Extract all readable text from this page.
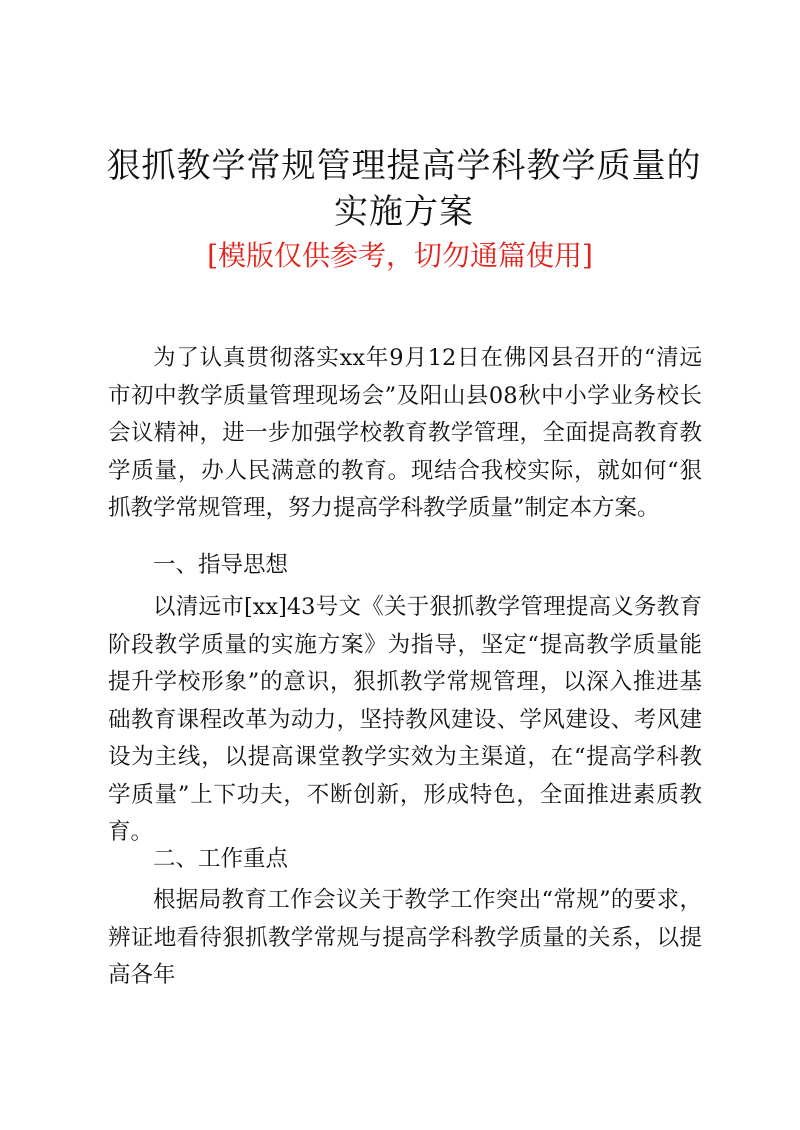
狠抓教学常规管理提高学科教学质量的实施方案

[模版仅供参考，切勿通篇使用]

为了认真贯彻落实xx年9月12日在佛冈县召开的“清远市初中教学质量管理现场会”及阳山县08秋中小学业务校长会议精神，进一步加强学校教育教学管理，全面提高教育教学质量，办人民满意的教育。现结合我校实际，就如何“狠抓教学常规管理，努力提高学科教学质量”制定本方案。

一、指导思想

以清远市[xx]43号文《关于狠抓教学管理提高义务教育阶段教学质量的实施方案》为指导，坚定“提高教学质量能提升学校形象”的意识，狠抓教学常规管理，以深入推进基础教育课程改革为动力，坚持教风建设、学风建设、考风建设为主线，以提高课堂教学实效为主渠道，在“提高学科教学质量”上下功夫，不断创新，形成特色，全面推进素质教育。

二、工作重点

根据局教育工作会议关于教学工作突出“常规”的要求，辨证地看待狠抓教学常规与提高学科教学质量的关系，以提高各年
